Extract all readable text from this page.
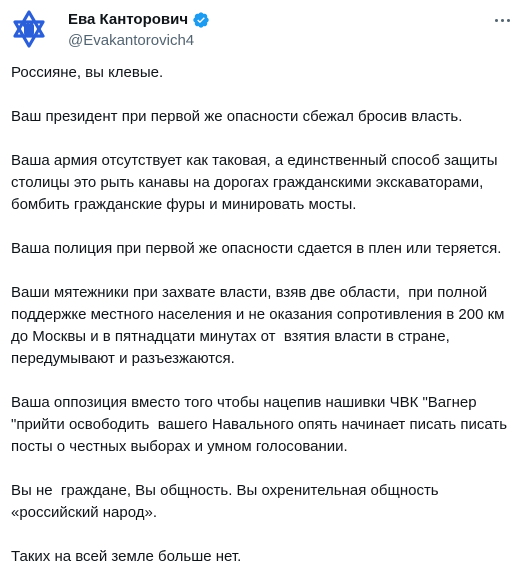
Ева Канторович
@Evakantorovich4

Россияне, вы клевые.

Ваш президент при первой же опасности сбежал бросив власть.

Ваша армия отсутствует как таковая, а единственный способ защиты
столицы это рыть канавы на дорогах гражданскими экскаваторами,
бомбить гражданские фуры и минировать мосты.

Ваша полиция при первой же опасности сдается в плен или теряется.

Ваши мятежники при захвате власти, взяв две области,  при полной
поддержке местного населения и не оказания сопротивления в 200 км
до Москвы и в пятнадцати минутах от  взятия власти в стране,
передумывают и разъезжаются.

Ваша оппозиция вместо того чтобы нацепив нашивки ЧВК "Вагнер
"прийти освободить  вашего Навального опять начинает писать писать
посты о честных выборах и умном голосовании.

Вы не  граждане, Вы общность. Вы охренительная общность
«российский народ».

Таких на всей земле больше нет.
